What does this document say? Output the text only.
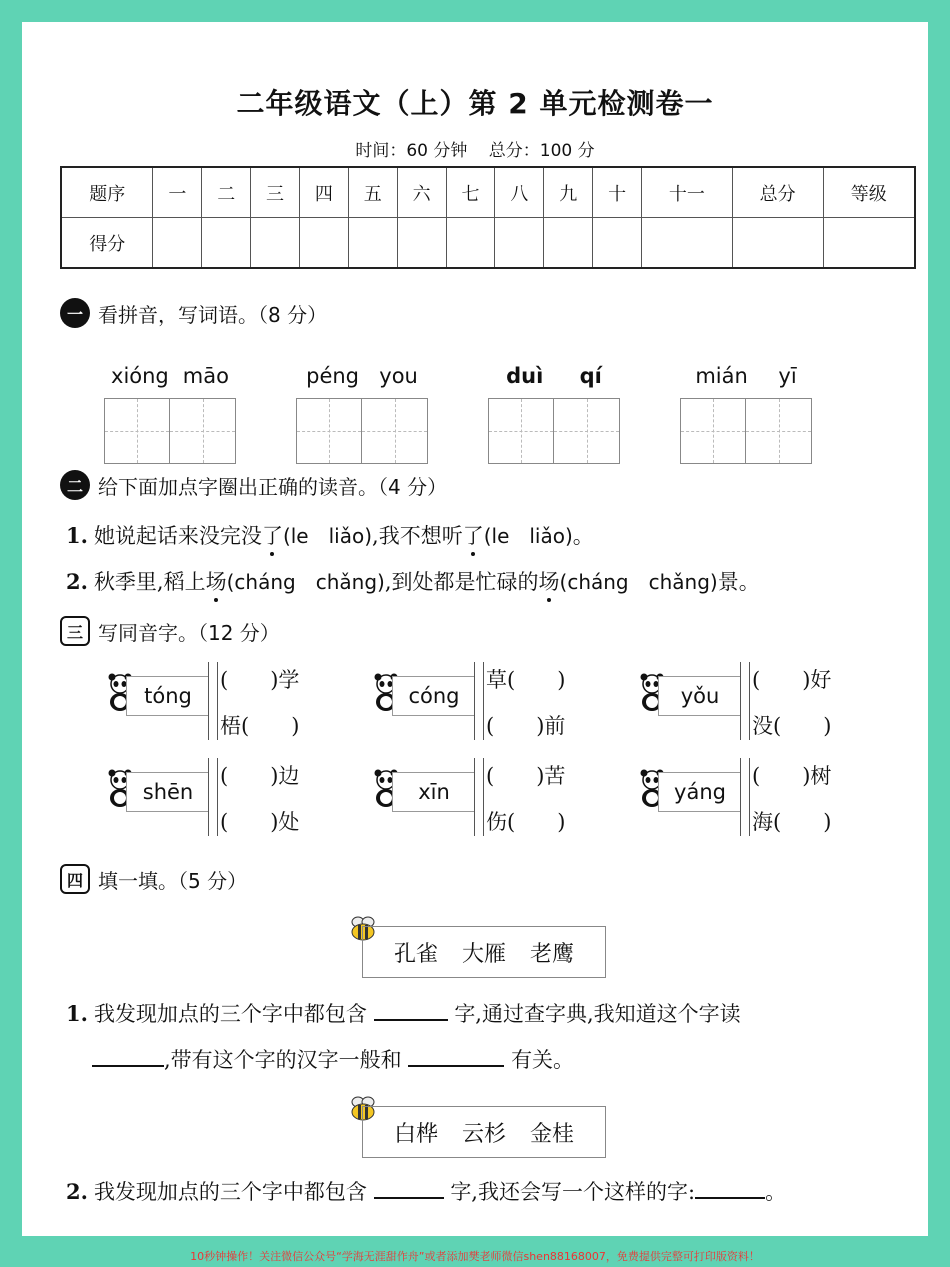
二年级语文（上）第 2 单元检测卷一
时间：60 分钟 总分：100 分
题序	一	二	三	四	五	六	七	八	九	十	十一	总分	等级
得分													
一 看拼音，写词语。（8 分）
xióng māo	péng you	duì qí	mián yī
二 给下面加点字圈出正确的读音。（4 分）
1. 她说起话来没完没了(le　liǎo),我不想听了(le　liǎo)。
2. 秋季里,稻上场(cháng　chǎng),到处都是忙碌的场(cháng　chǎng)景。
三 写同音字。（12 分）
tóng
(　　)学
梧(　　)
cóng
草(　　)
(　　)前
yǒu
(　　)好
没(　　)
shēn
(　　)边
(　　)处
xīn
(　　)苦
伤(　　)
yáng
(　　)树
海(　　)
四 填一填。（5 分）
孔雀 大雁 老鹰
1. 我发现加点的三个字中都包含	字,通过查字典,我知道这个字读
,带有这个字的汉字一般和	有关。
白桦 云杉 金桂
2. 我发现加点的三个字中都包含	字,我还会写一个这样的字:	。
10秒钟操作！关注微信公众号“学海无涯甜作舟”或者添加樊老师微信shen88168007，免费提供完整可打印版资料！
